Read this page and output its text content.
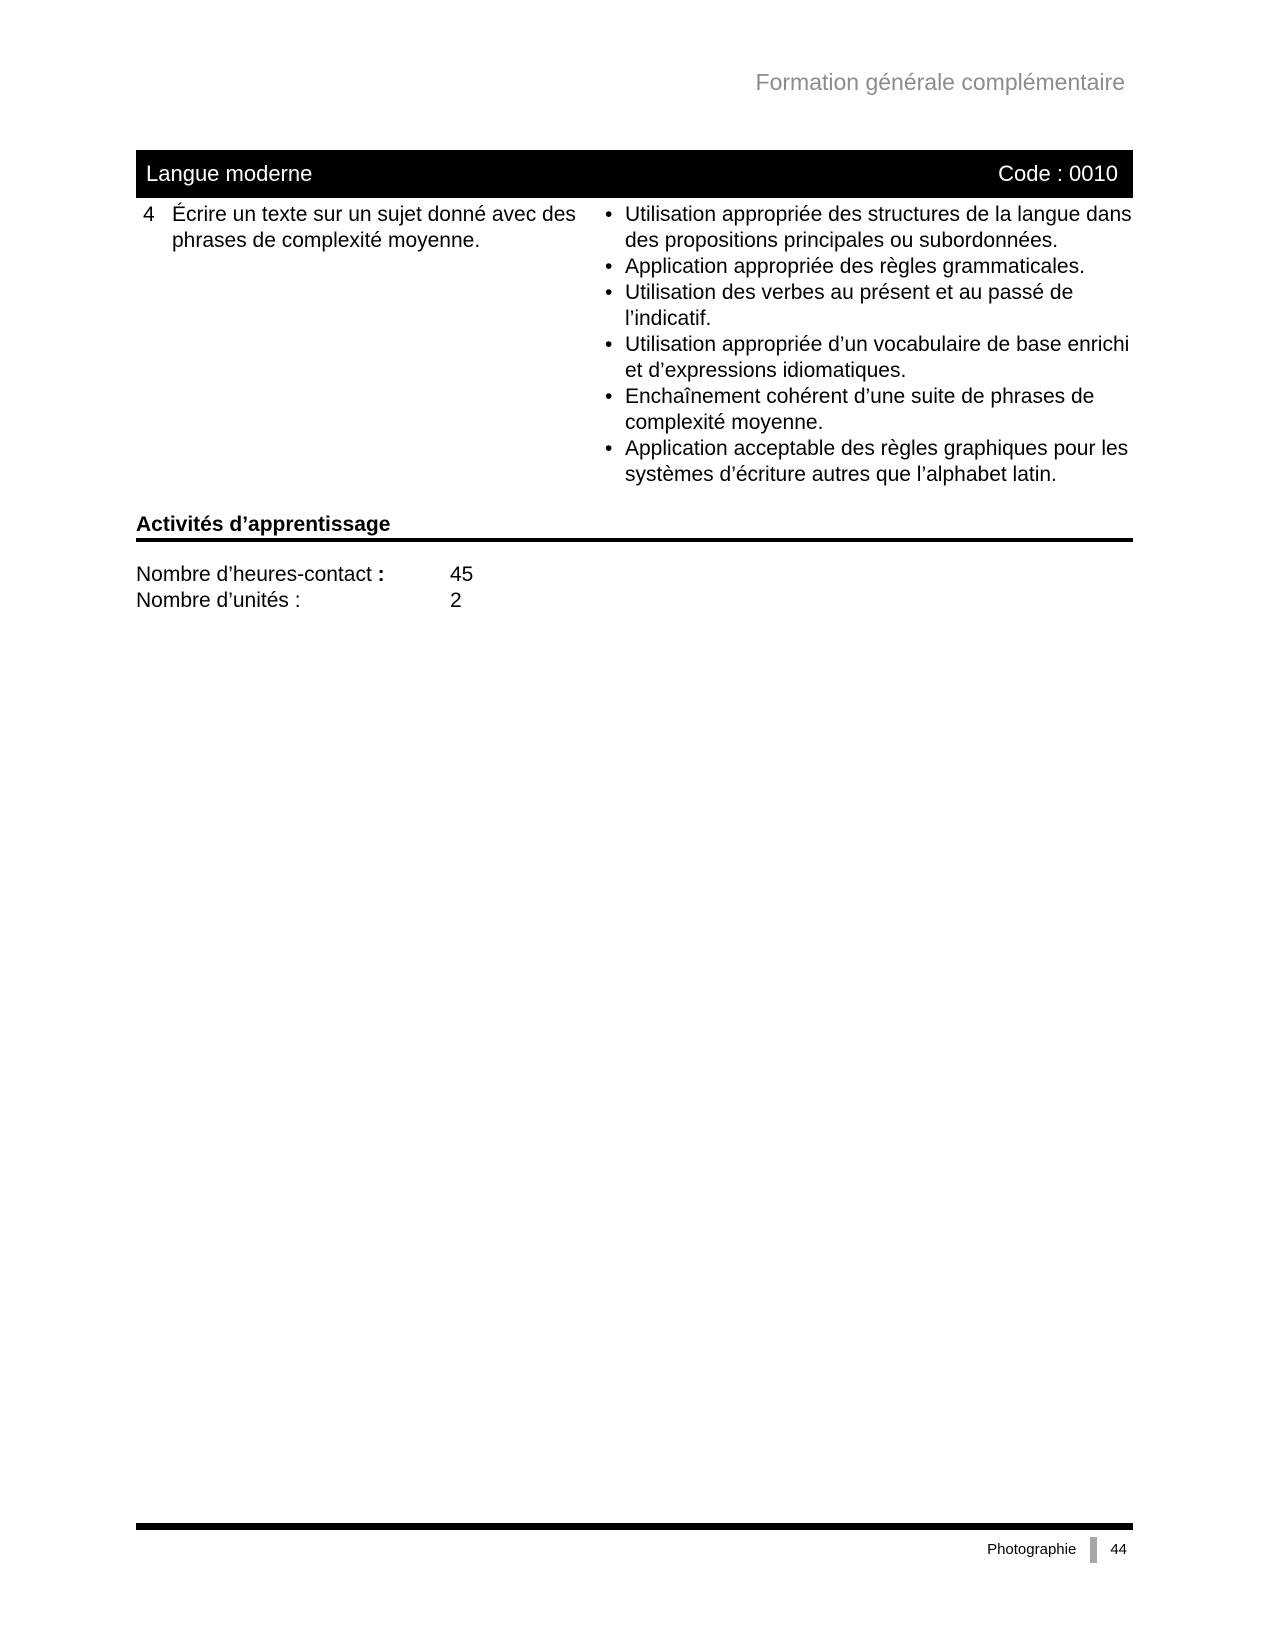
Formation générale complémentaire
Langue moderne	Code : 0010
4 Écrire un texte sur un sujet donné avec des phrases de complexité moyenne.
• Utilisation appropriée des structures de la langue dans des propositions principales ou subordonnées.
• Application appropriée des règles grammaticales.
• Utilisation des verbes au présent et au passé de l’indicatif.
• Utilisation appropriée d’un vocabulaire de base enrichi et d’expressions idiomatiques.
• Enchaînement cohérent d’une suite de phrases de complexité moyenne.
• Application acceptable des règles graphiques pour les systèmes d’écriture autres que l’alphabet latin.
Activités d’apprentissage
Nombre d’heures-contact :	45
Nombre d’unités :	2
Photographie 44
